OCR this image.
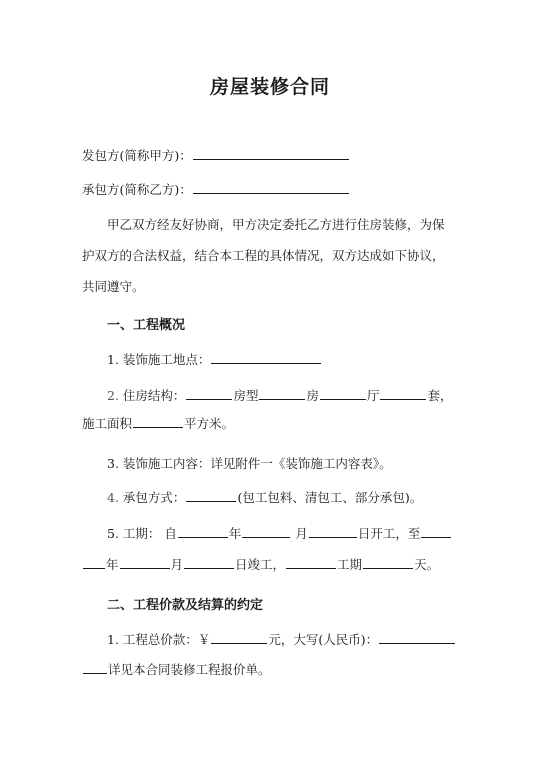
房屋装修合同
发包方(简称甲方)：
承包方(简称乙方)：
甲乙双方经友好协商，甲方决定委托乙方进行住房装修，为保
护双方的合法权益，结合本工程的具体情况，双方达成如下协议，
共同遵守。
一、工程概况
1. 装饰施工地点：
2. 住房结构：	房型	房	厅	套，
施工面积	平方米。
3. 装饰施工内容：详见附件一《装饰施工内容表》。
4. 承包方式：	(包工包料、清包工、部分承包)。
5. 工期： 自	年	月	日开工，至
年	月	日竣工，	工期	天。
二、工程价款及结算的约定
1. 工程总价款：￥	元，大写(人民币)：
详见本合同装修工程报价单。
